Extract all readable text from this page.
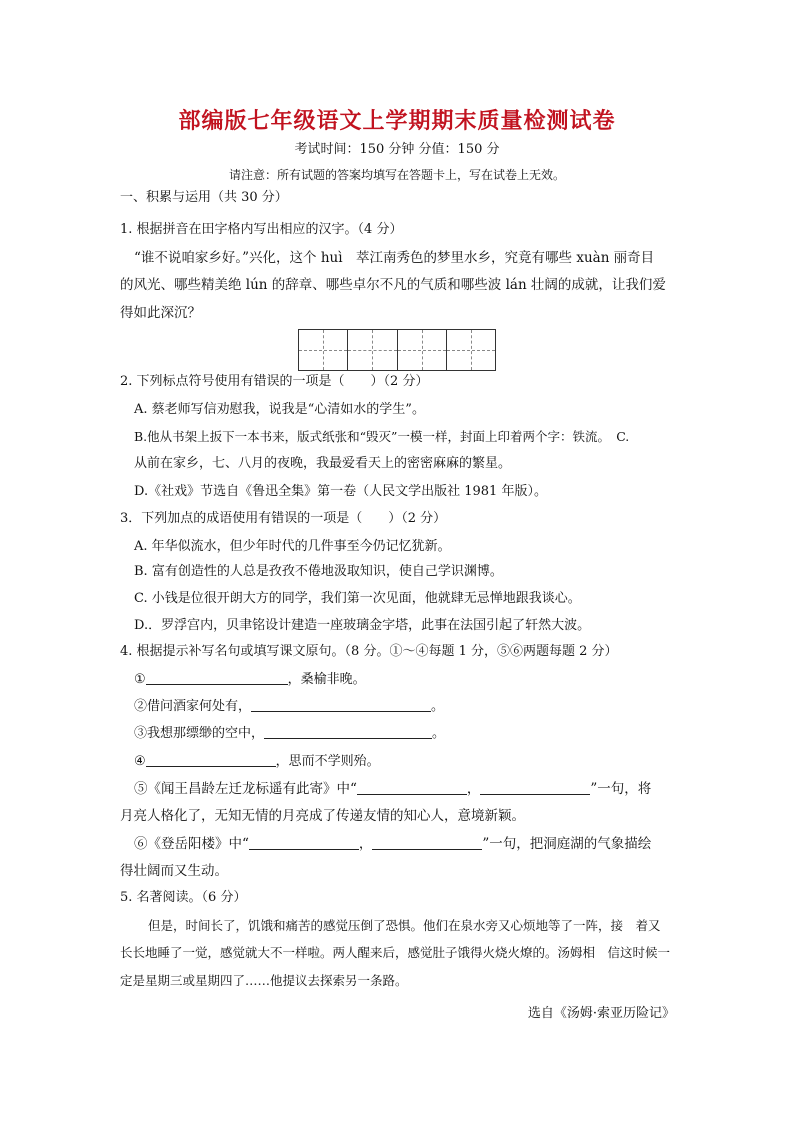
部编版七年级语文上学期期末质量检测试卷
考试时间：150 分钟 分值：150 分
请注意：所有试题的答案均填写在答题卡上，写在试卷上无效。
一、积累与运用（共 30 分）
1. 根据拼音在田字格内写出相应的汉字。（4 分）
“谁不说咱家乡好。”兴化，这个 huì　萃江南秀色的梦里水乡，究竟有哪些 xuàn 丽奇目
的风光、哪些精美绝 lún 的辞章、哪些卓尔不凡的气质和哪些波 lán 壮阔的成就，让我们爱
得如此深沉？
2. 下列标点符号使用有错误的一项是（　　）（2 分）
A. 蔡老师写信劝慰我，说我是“心清如水的学生”。
B.他从书架上扳下一本书来，版式纸张和“毁灭”一模一样，封面上印着两个字：铁流。　C.
从前在家乡，七、八月的夜晚，我最爱看天上的密密麻麻的繁星。
D.《社戏》节选自《鲁迅全集》第一卷（人民文学出版社 1981 年版）。
3．下列加点的成语使用有错误的一项是（　　）（2 分）
A. 年华似流水，但少年时代的几件事至今仍记忆犹新。
B. 富有创造性的人总是孜孜不倦地汲取知识，使自己学识渊博。
C. 小钱是位很开朗大方的同学，我们第一次见面，他就肆无忌惮地跟我谈心。
D.．罗浮宫内，贝聿铭设计建造一座玻璃金字塔，此事在法国引起了轩然大波。
4. 根据提示补写名句或填写课文原句。（8 分。①～④每题 1 分，⑤⑥两题每题 2 分）
①	，桑榆非晚。
②借问酒家何处有，	。
③我想那缥缈的空中，	。
④	，思而不学则殆。
⑤《闻王昌龄左迁龙标遥有此寄》中“	，	”一句，将
月亮人格化了，无知无情的月亮成了传递友情的知心人，意境新颖。
⑥《登岳阳楼》中“	，	”一句，把洞庭湖的气象描绘
得壮阔而又生动。
5. 名著阅读。（6 分）
但是，时间长了，饥饿和痛苦的感觉压倒了恐惧。他们在泉水旁又心烦地等了一阵，接　着又
长长地睡了一觉，感觉就大不一样啦。两人醒来后，感觉肚子饿得火烧火燎的。汤姆相　信这时候一
定是星期三或星期四了……他提议去探索另一条路。
选自《汤姆·索亚历险记》
